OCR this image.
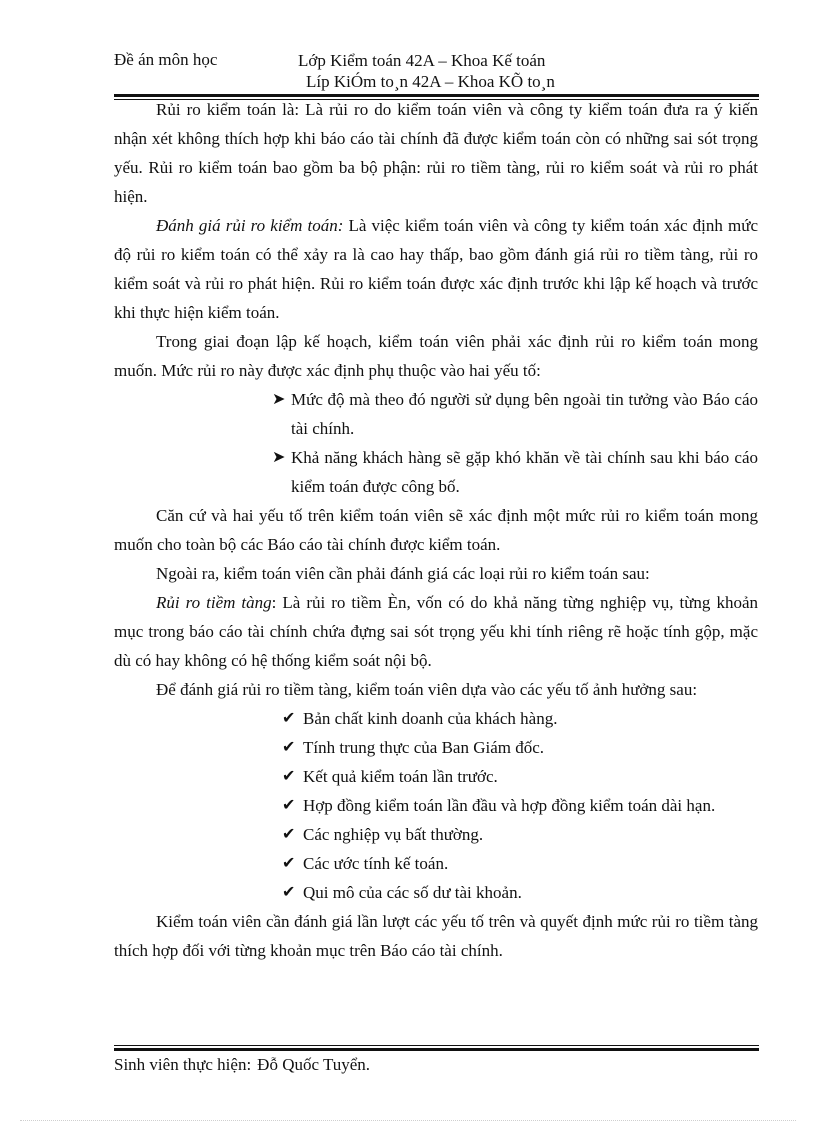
Đề án môn học	Lớp Kiểm toán 42A – Khoa Kế toán
Líp KiÓm to¸n 42A – Khoa KÕ to¸n

Rủi ro kiểm toán là: Là rủi ro do kiểm toán viên và công ty kiểm toán đưa ra ý kiến nhận xét không thích hợp khi báo cáo tài chính đã được kiểm toán còn có những sai sót trọng yếu. Rủi ro kiểm toán bao gồm ba bộ phận: rủi ro tiềm tàng, rủi ro kiểm soát và rủi ro phát hiện.

Đánh giá rủi ro kiểm toán: Là việc kiểm toán viên và công ty kiểm toán xác định mức độ rủi ro kiểm toán có thể xảy ra là cao hay thấp, bao gồm đánh giá rủi ro tiềm tàng, rủi ro kiểm soát và rủi ro phát hiện. Rủi ro kiểm toán được xác định trước khi lập kế hoạch và trước khi thực hiện kiểm toán.

Trong giai đoạn lập kế hoạch, kiểm toán viên phải xác định rủi ro kiểm toán mong muốn. Mức rủi ro này được xác định phụ thuộc vào hai yếu tố:

➤ Mức độ mà theo đó người sử dụng bên ngoài tin tưởng vào Báo cáo tài chính.
➤ Khả năng khách hàng sẽ gặp khó khăn về tài chính sau khi báo cáo kiểm toán được công bố.

Căn cứ và hai yếu tố trên kiểm toán viên sẽ xác định một mức rủi ro kiểm toán mong muốn cho toàn bộ các Báo cáo tài chính được kiểm toán.

Ngoài ra, kiểm toán viên cần phải đánh giá các loại rủi ro kiểm toán sau:

Rủi ro tiềm tàng: Là rủi ro tiềm Èn, vốn có do khả năng từng nghiệp vụ, từng khoản mục trong báo cáo tài chính chứa đựng sai sót trọng yếu khi tính riêng rẽ hoặc tính gộp, mặc dù có hay không có hệ thống kiểm soát nội bộ.

Để đánh giá rủi ro tiềm tàng, kiểm toán viên dựa vào các yếu tố ảnh hưởng sau:

✔ Bản chất kinh doanh của khách hàng.
✔ Tính trung thực của Ban Giám đốc.
✔ Kết quả kiểm toán lần trước.
✔ Hợp đồng kiểm toán lần đầu và hợp đồng kiểm toán dài hạn.
✔ Các nghiệp vụ bất thường.
✔ Các ước tính kế toán.
✔ Qui mô của các số dư tài khoản.

Kiểm toán viên cần đánh giá lần lượt các yếu tố trên và quyết định mức rủi ro tiềm tàng thích hợp đối với từng khoản mục trên Báo cáo tài chính.

Sinh viên thực hiện: Đỗ Quốc Tuyển.
